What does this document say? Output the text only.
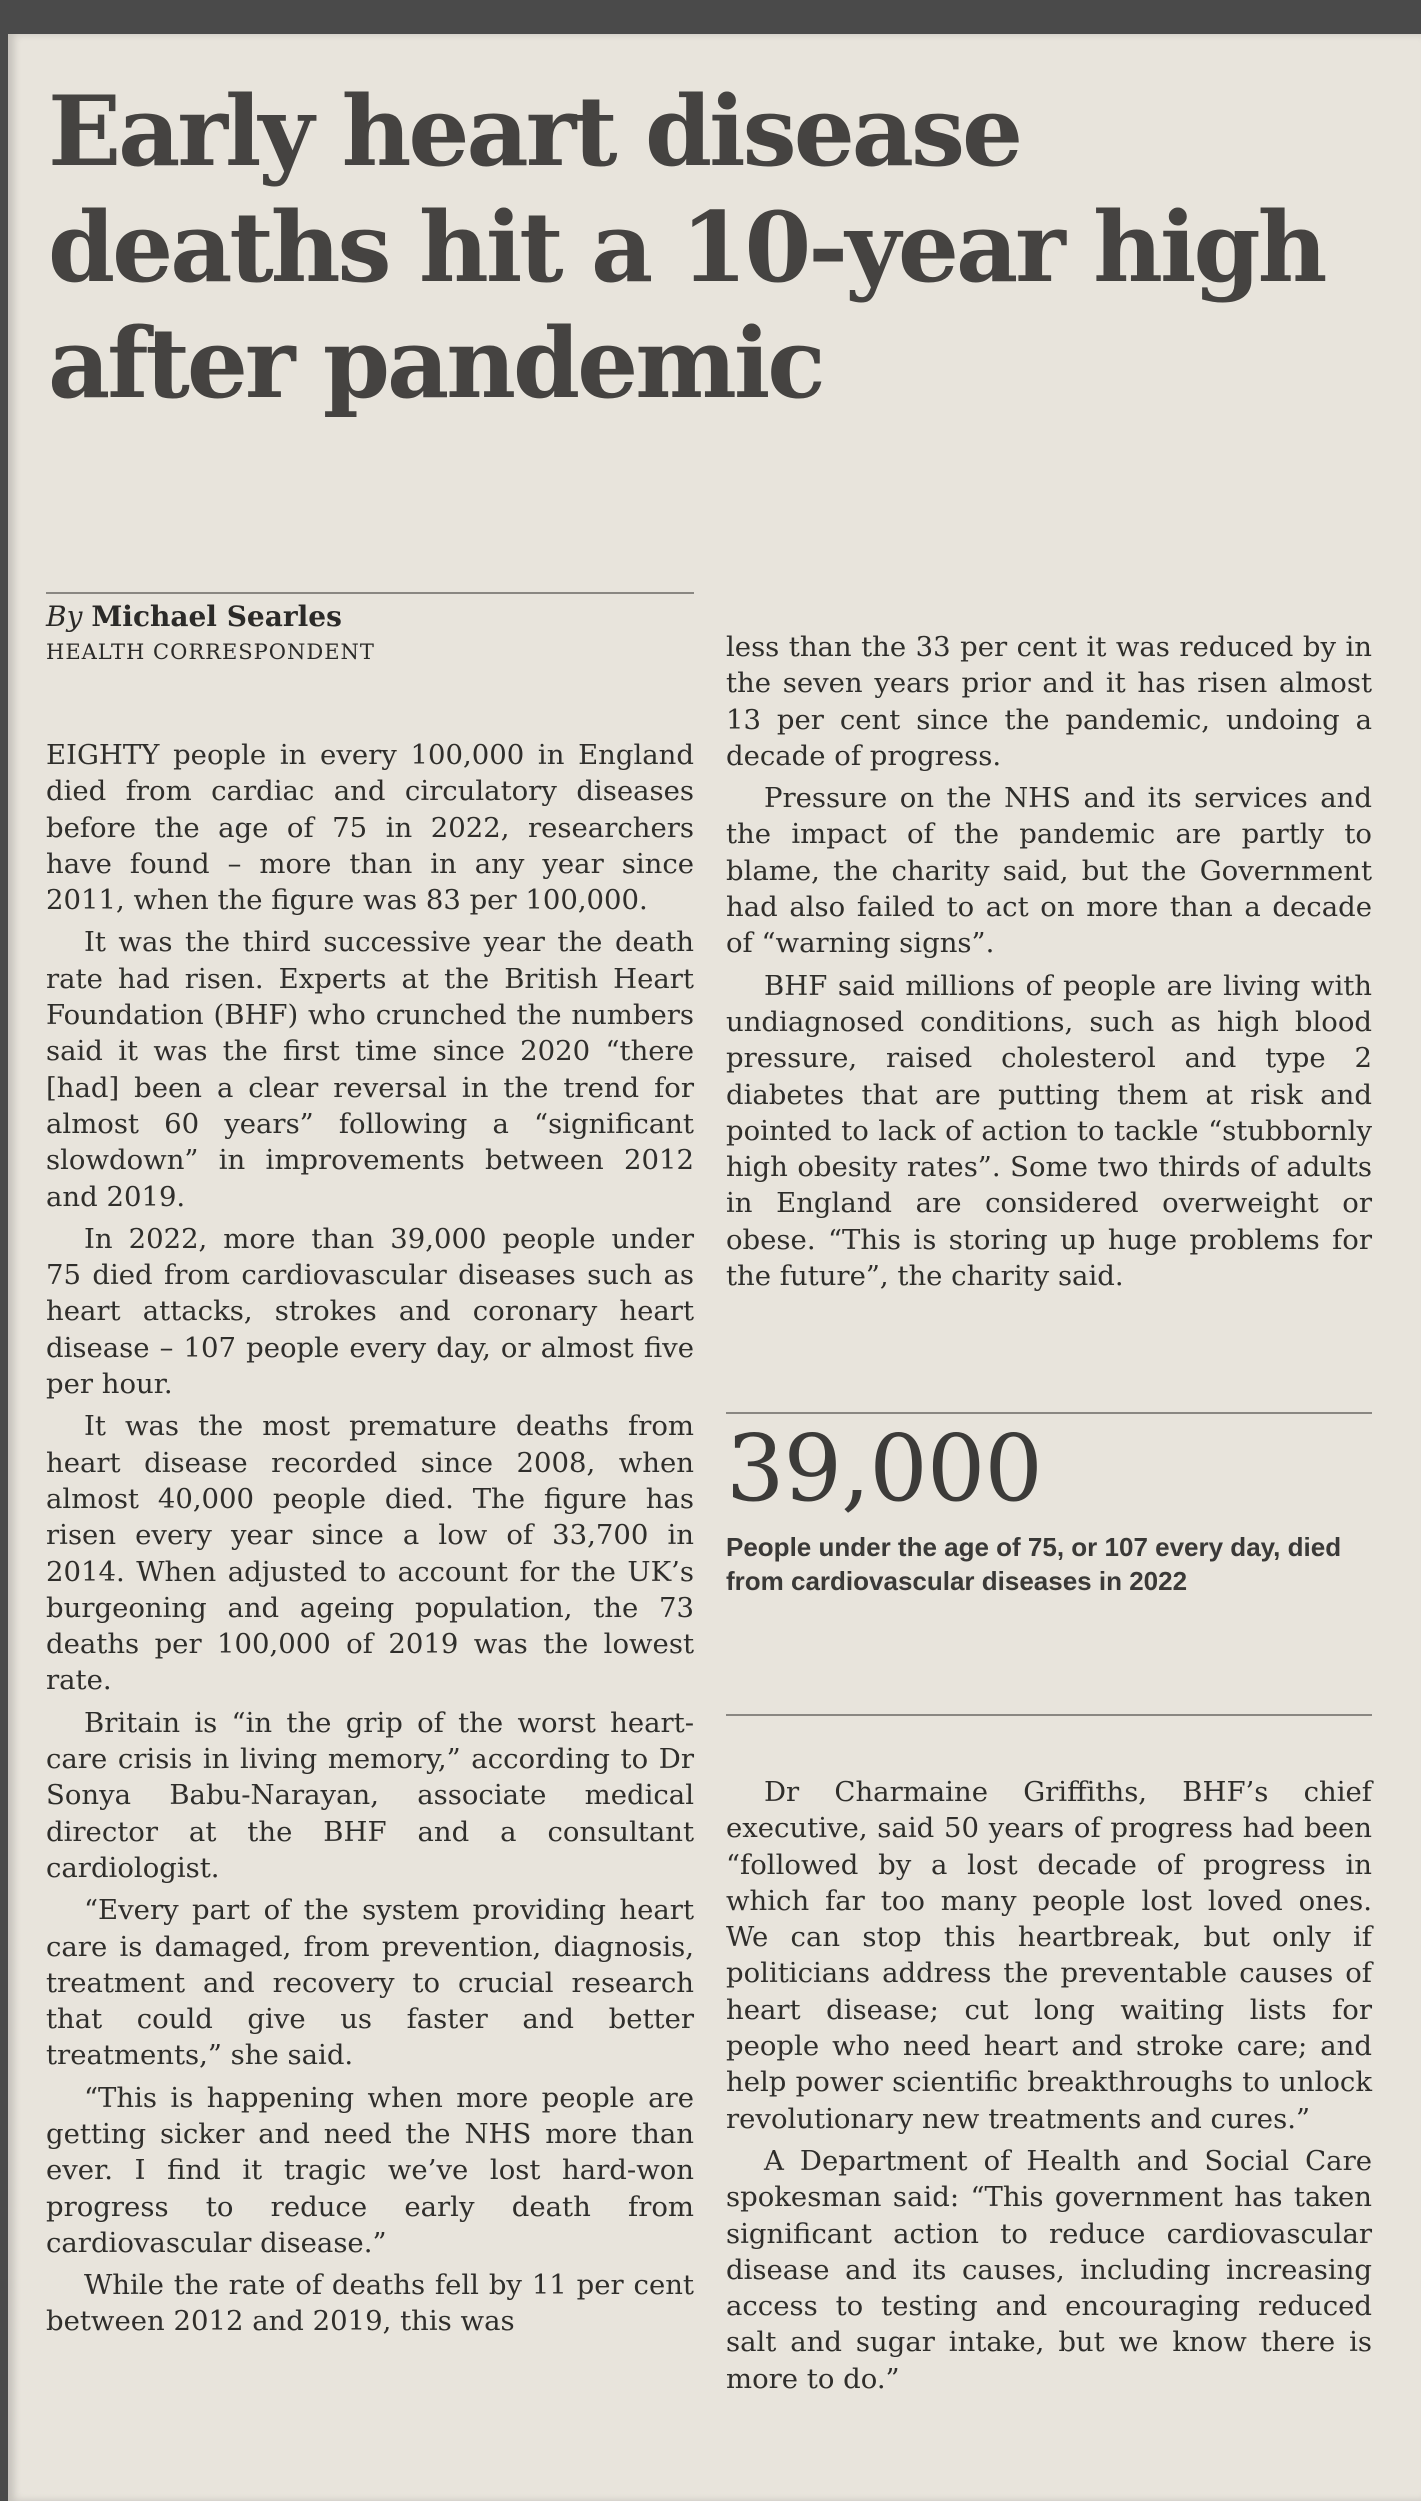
Early heart disease deaths hit a 10-year high after pandemic
By Michael Searles
HEALTH CORRESPONDENT

EIGHTY people in every 100,000 in England died from cardiac and circulatory diseases before the age of 75 in 2022, researchers have found – more than in any year since 2011, when the figure was 83 per 100,000.

It was the third successive year the death rate had risen. Experts at the British Heart Foundation (BHF) who crunched the numbers said it was the first time since 2020 “there [had] been a clear reversal in the trend for almost 60 years” following a “significant slowdown” in improvements between 2012 and 2019.

In 2022, more than 39,000 people under 75 died from cardiovascular diseases such as heart attacks, strokes and coronary heart disease – 107 people every day, or almost five per hour.

It was the most premature deaths from heart disease recorded since 2008, when almost 40,000 people died. The figure has risen every year since a low of 33,700 in 2014. When adjusted to account for the UK’s burgeoning and ageing population, the 73 deaths per 100,000 of 2019 was the lowest rate.

Britain is “in the grip of the worst heart-care crisis in living memory,” according to Dr Sonya Babu-Narayan, associate medical director at the BHF and a consultant cardiologist.

“Every part of the system providing heart care is damaged, from prevention, diagnosis, treatment and recovery to crucial research that could give us faster and better treatments,” she said.

“This is happening when more people are getting sicker and need the NHS more than ever. I find it tragic we’ve lost hard-won progress to reduce early death from cardiovascular disease.”

While the rate of deaths fell by 11 per cent between 2012 and 2019, this was

less than the 33 per cent it was reduced by in the seven years prior and it has risen almost 13 per cent since the pandemic, undoing a decade of progress.

Pressure on the NHS and its services and the impact of the pandemic are partly to blame, the charity said, but the Government had also failed to act on more than a decade of “warning signs”.

BHF said millions of people are living with undiagnosed conditions, such as high blood pressure, raised cholesterol and type 2 diabetes that are putting them at risk and pointed to lack of action to tackle “stubbornly high obesity rates”. Some two thirds of adults in England are considered overweight or obese. “This is storing up huge problems for the future”, the charity said.

39,000
People under the age of 75, or 107 every day, died from cardiovascular diseases in 2022

Dr Charmaine Griffiths, BHF’s chief executive, said 50 years of progress had been “followed by a lost decade of progress in which far too many people lost loved ones. We can stop this heartbreak, but only if politicians address the preventable causes of heart disease; cut long waiting lists for people who need heart and stroke care; and help power scientific breakthroughs to unlock revolutionary new treatments and cures.”

A Department of Health and Social Care spokesman said: “This government has taken significant action to reduce cardiovascular disease and its causes, including increasing access to testing and encouraging reduced salt and sugar intake, but we know there is more to do.”
